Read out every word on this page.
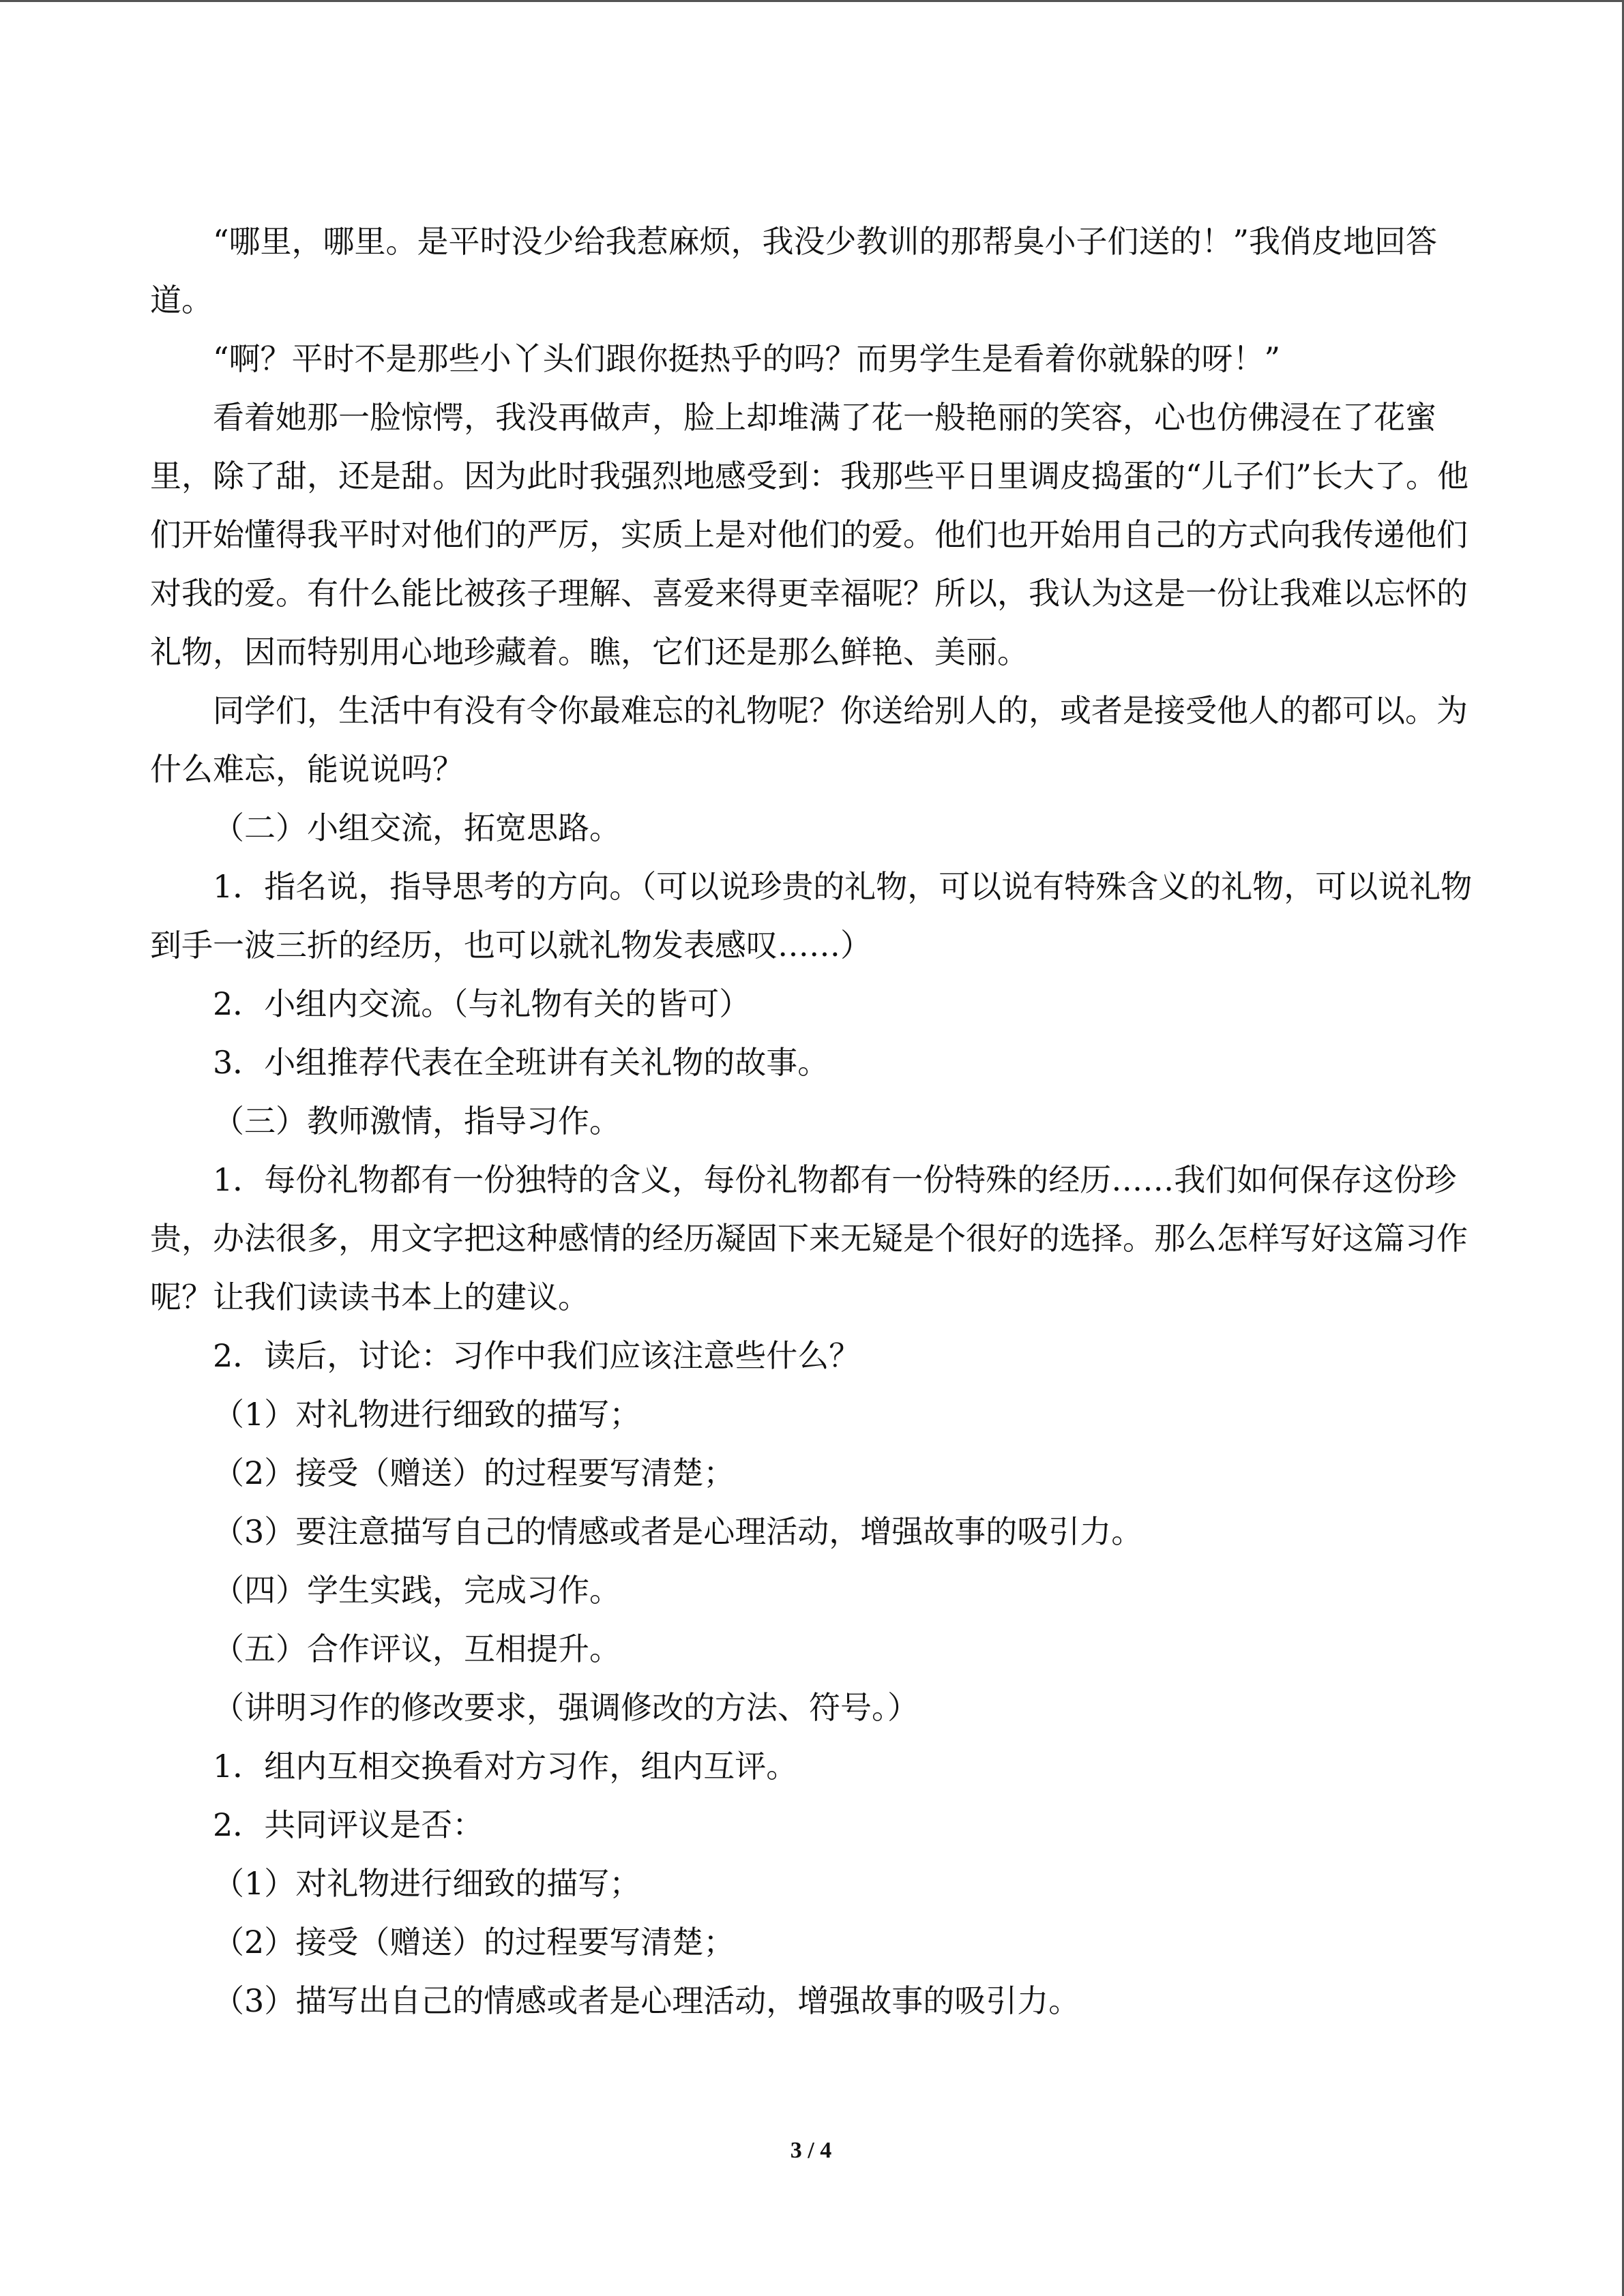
“哪里，哪里。是平时没少给我惹麻烦，我没少教训的那帮臭小子们送的！”我俏皮地回答道。

“啊？平时不是那些小丫头们跟你挺热乎的吗？而男学生是看着你就躲的呀！”

看着她那一脸惊愕，我没再做声，脸上却堆满了花一般艳丽的笑容，心也仿佛浸在了花蜜里，除了甜，还是甜。因为此时我强烈地感受到：我那些平日里调皮捣蛋的“儿子们”长大了。他们开始懂得我平时对他们的严厉，实质上是对他们的爱。他们也开始用自己的方式向我传递他们对我的爱。有什么能比被孩子理解、喜爱来得更幸福呢？所以，我认为这是一份让我难以忘怀的礼物，因而特别用心地珍藏着。瞧，它们还是那么鲜艳、美丽。

同学们，生活中有没有令你最难忘的礼物呢？你送给别人的，或者是接受他人的都可以。为什么难忘，能说说吗？

（二）小组交流，拓宽思路。

1．指名说，指导思考的方向。（可以说珍贵的礼物，可以说有特殊含义的礼物，可以说礼物到手一波三折的经历，也可以就礼物发表感叹……）

2．小组内交流。（与礼物有关的皆可）

3．小组推荐代表在全班讲有关礼物的故事。

（三）教师激情，指导习作。

1．每份礼物都有一份独特的含义，每份礼物都有一份特殊的经历……我们如何保存这份珍贵，办法很多，用文字把这种感情的经历凝固下来无疑是个很好的选择。那么怎样写好这篇习作呢？让我们读读书本上的建议。

2．读后，讨论：习作中我们应该注意些什么？

（1）对礼物进行细致的描写；

（2）接受（赠送）的过程要写清楚；

（3）要注意描写自己的情感或者是心理活动，增强故事的吸引力。

（四）学生实践，完成习作。

（五）合作评议，互相提升。

（讲明习作的修改要求，强调修改的方法、符号。）

1．组内互相交换看对方习作，组内互评。

2．共同评议是否：

（1）对礼物进行细致的描写；

（2）接受（赠送）的过程要写清楚；

（3）描写出自己的情感或者是心理活动，增强故事的吸引力。

3 / 4
